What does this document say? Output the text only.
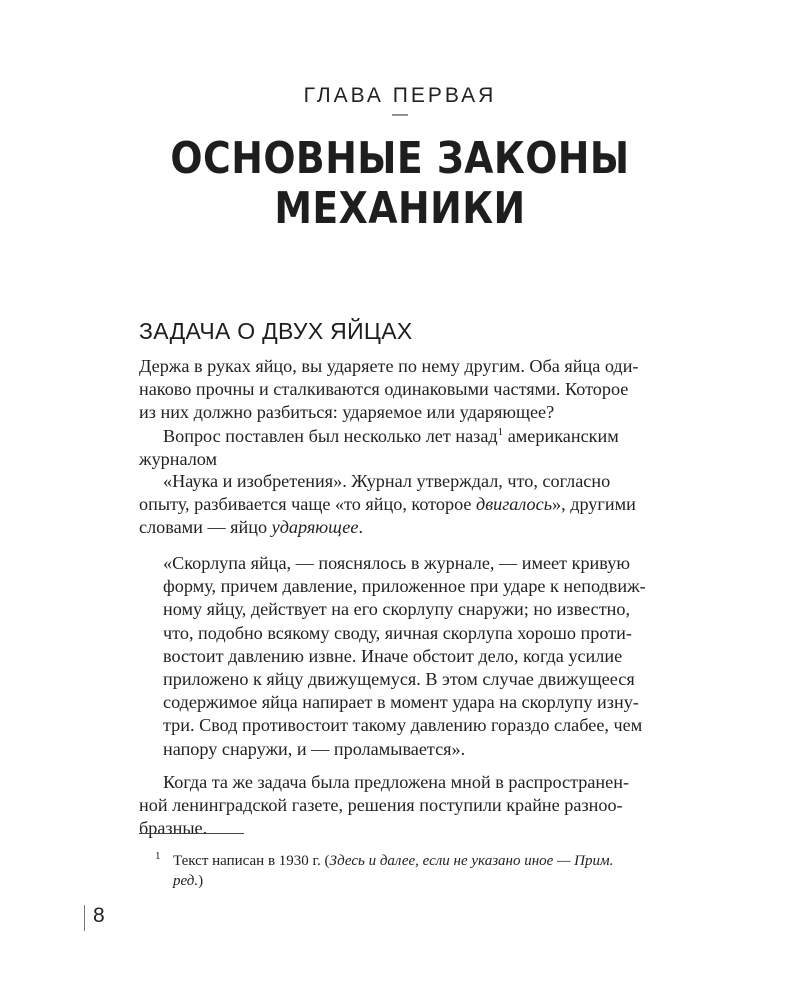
ГЛАВА ПЕРВАЯ
—
ОСНОВНЫЕ ЗАКОНЫ
МЕХАНИКИ
ЗАДАЧА О ДВУХ ЯЙЦАХ

Держа в руках яйцо, вы ударяете по нему другим. Оба яйца оди-

наково прочны и сталкиваются одинаковыми частями. Которое

из них должно разбиться: ударяемое или ударяющее?

Вопрос поставлен был несколько лет назад$^1$ американским

журналом

«Наука и изобретения». Журнал утверждал, что, согласно

опыту, разбивается чаще «то яйцо, которое двигалось», другими

словами — яйцо ударяющее.

«Скорлупа яйца, — пояснялось в журнале, — имеет кривую

форму, причем давление, приложенное при ударе к неподвиж-

ному яйцу, действует на его скорлупу снаружи; но известно,

что, подобно всякому своду, яичная скорлупа хорошо проти-

востоит давлению извне. Иначе обстоит дело, когда усилие

приложено к яйцу движущемуся. В этом случае движущееся

содержимое яйца напирает в момент удара на скорлупу изну-

три. Свод противостоит такому давлению гораздо слабее, чем

напору снаружи, и — проламывается».

Когда та же задача была предложена мной в распространен-

ной ленинградской газете, решения поступили крайне разноо-

бразные.

1 Текст написан в 1930 г. (Здесь и далее, если не указано иное — Прим.
ред.)
8
